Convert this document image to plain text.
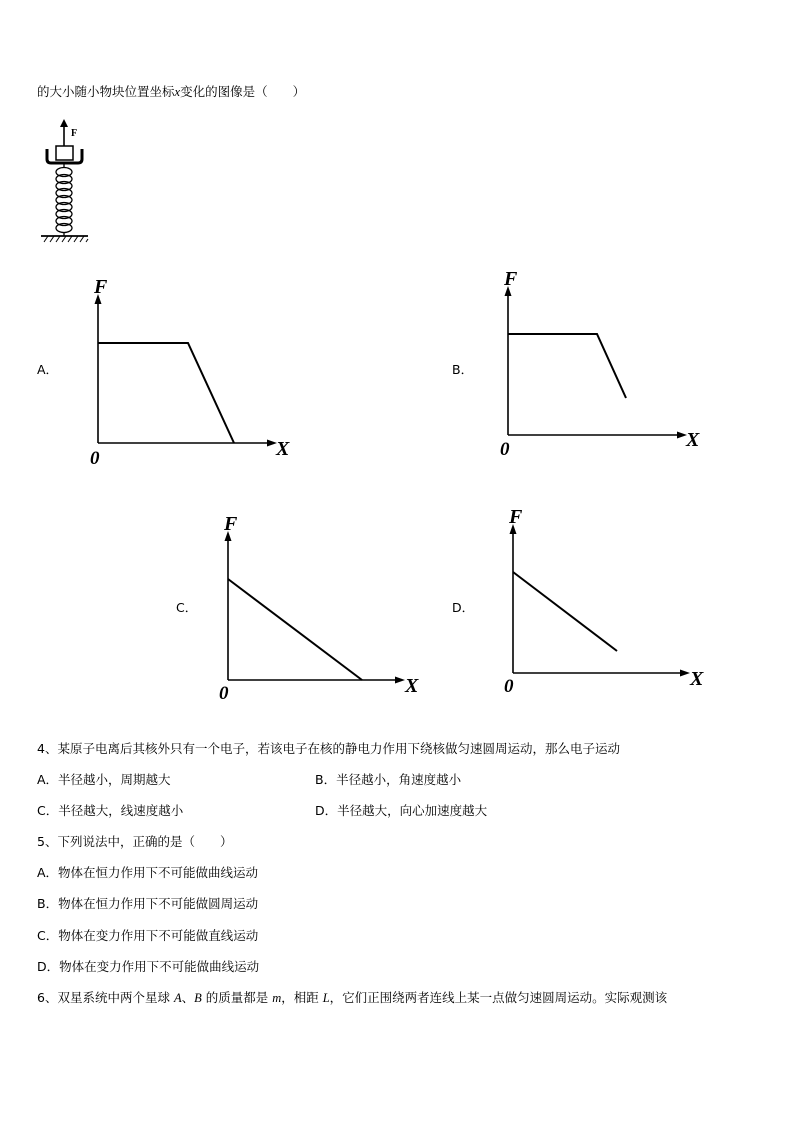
的大小随小物块位置坐标x变化的图像是（　　）
F
A．
F
X
0
B．
F
X
0
C．
F
X
0
D．
F
X
0
4、某原子电离后其核外只有一个电子，若该电子在核的静电力作用下绕核做匀速圆周运动，那么电子运动
A．半径越小，周期越大	B．半径越小，角速度越小
C．半径越大，线速度越小	D．半径越大，向心加速度越大
5、下列说法中，正确的是（　　）
A．物体在恒力作用下不可能做曲线运动
B．物体在恒力作用下不可能做圆周运动
C．物体在变力作用下不可能做直线运动
D．物体在变力作用下不可能做曲线运动
6、双星系统中两个星球 A、B 的质量都是 m，相距 L，它们正围绕两者连线上某一点做匀速圆周运动。实际观测该
